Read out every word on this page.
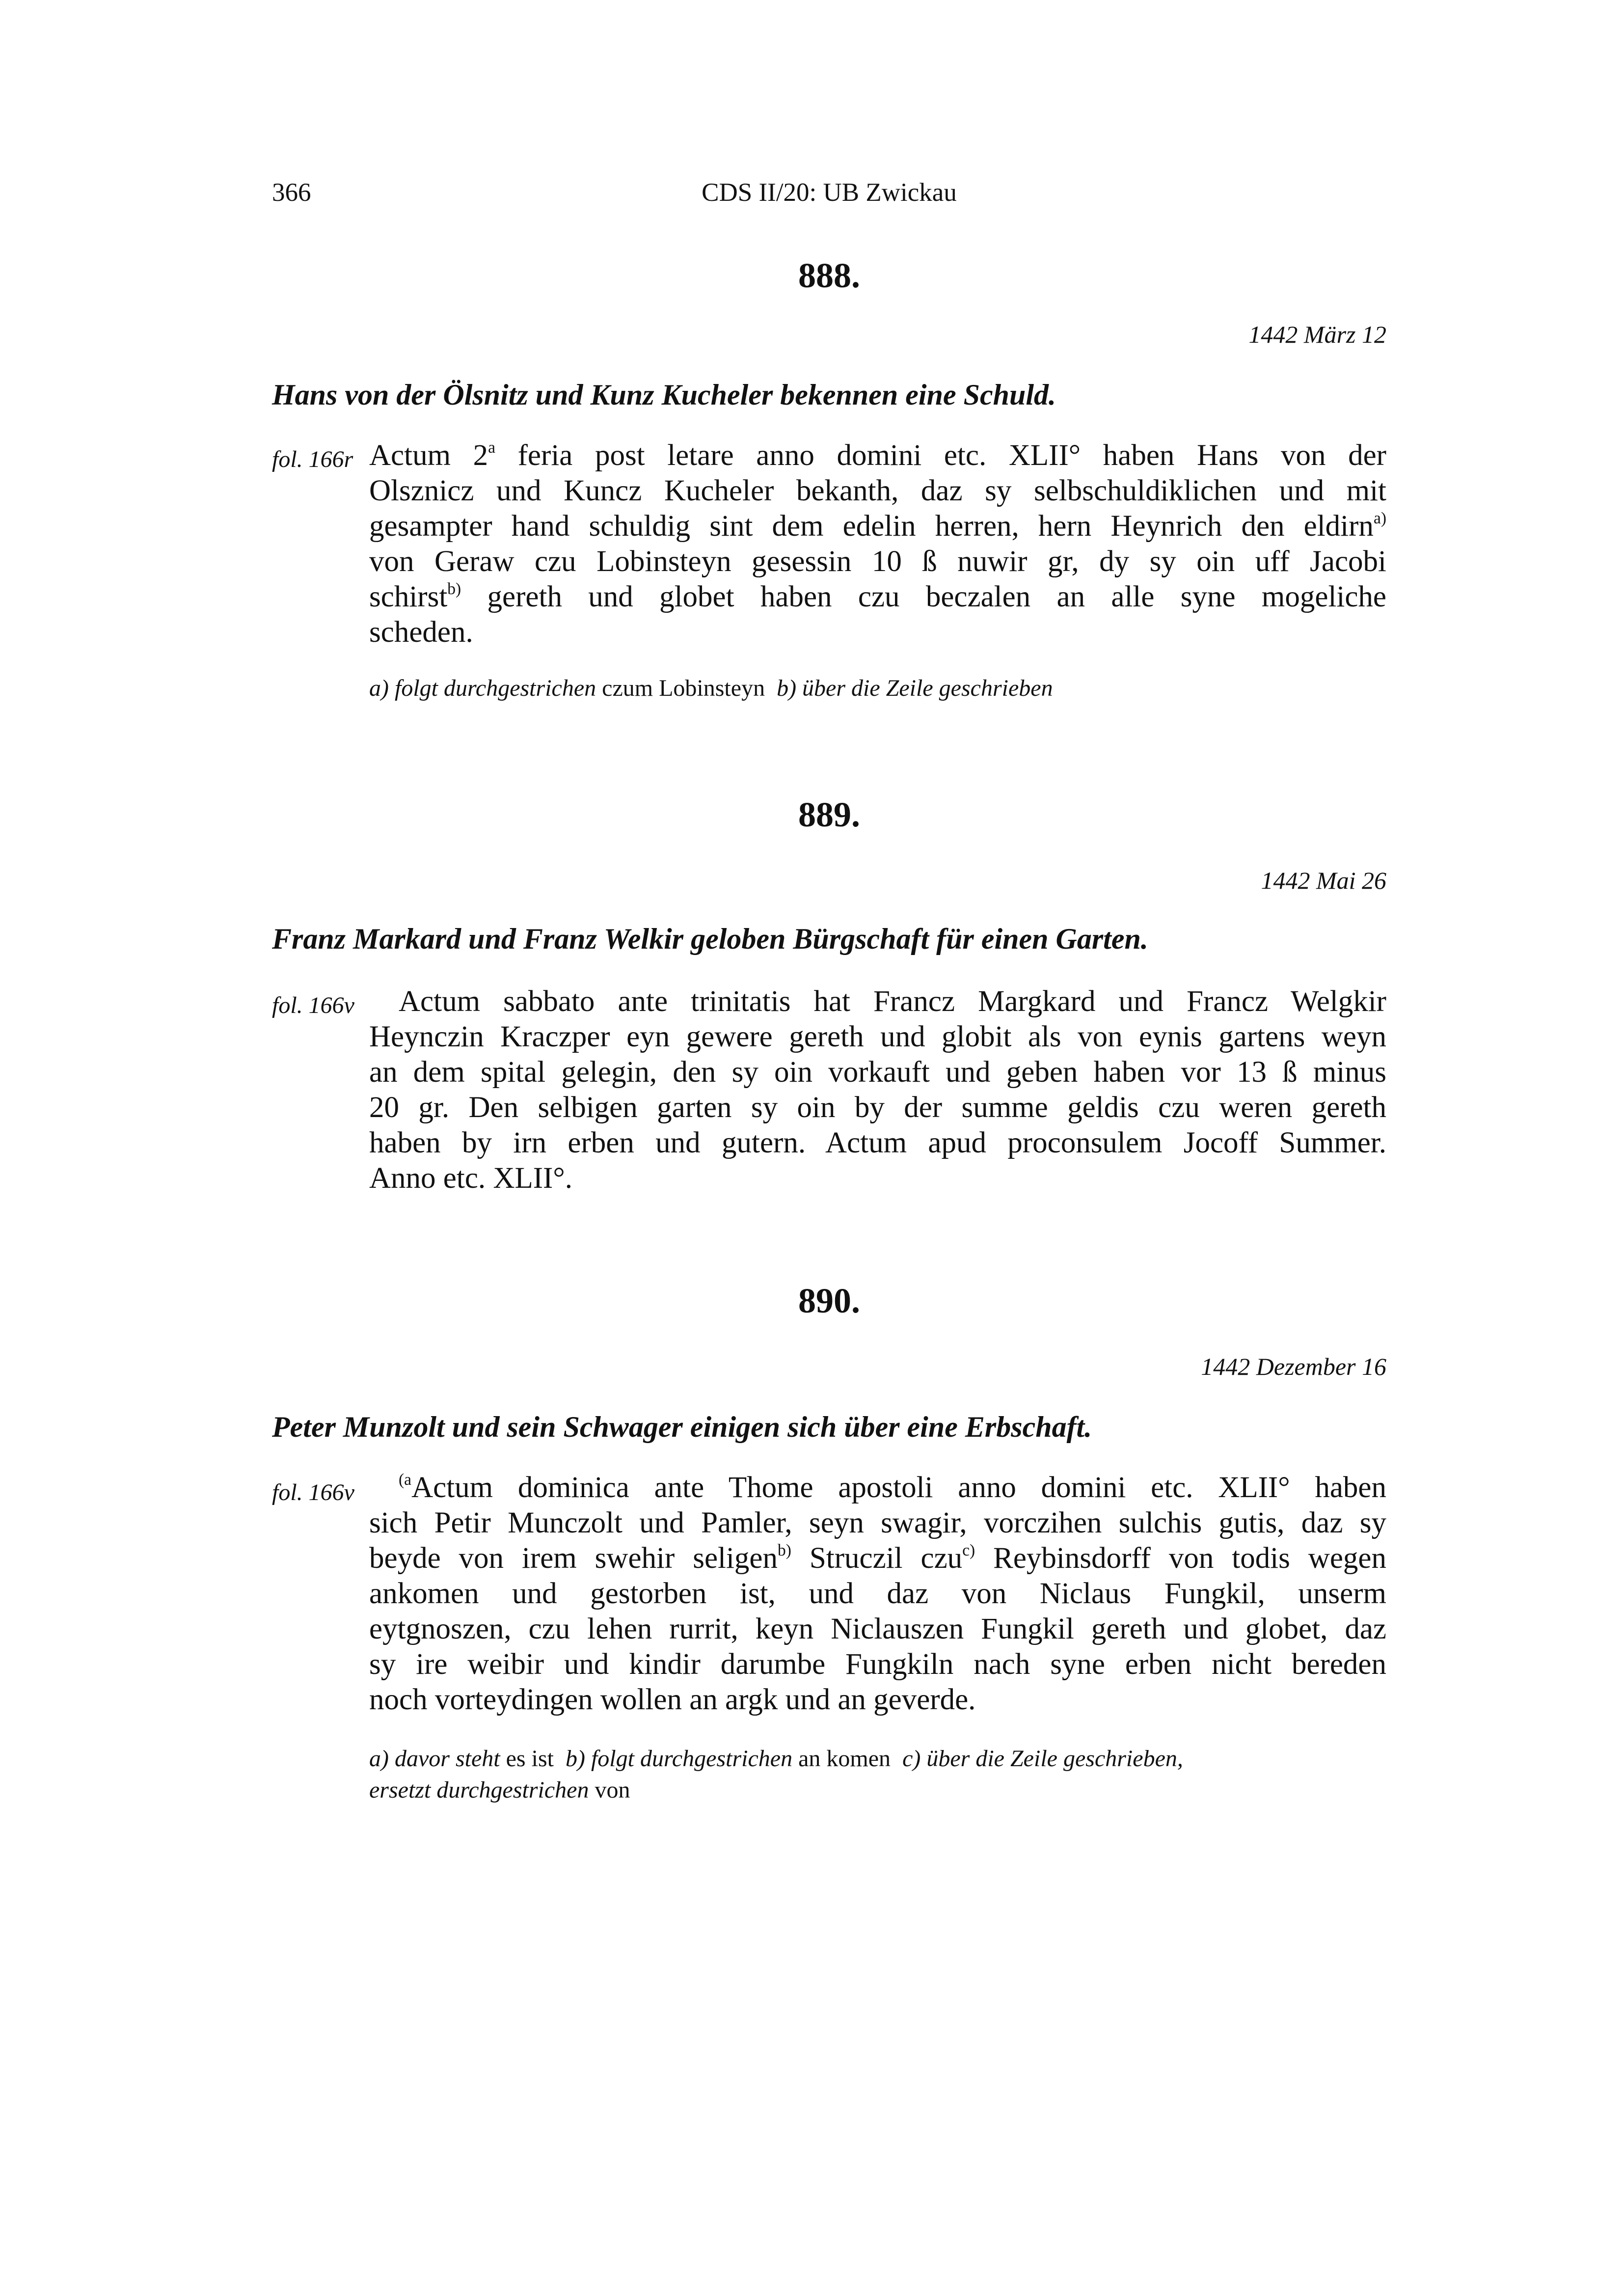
366	CDS II/20: UB Zwickau
888.
1442 März 12
Hans von der Ölsnitz und Kunz Kucheler bekennen eine Schuld.
fol. 166r Actum 2$^a$ feria post letare anno domini etc. XLII° haben Hans von der
Olsznicz und Kuncz Kucheler bekanth, daz sy selbschuldiklichen und mit
gesampter hand schuldig sint dem edelin herren, hern Heynrich den eldirn$^{a)}$
von Geraw czu Lobinsteyn gesessin 10 ß nuwir gr, dy sy oin uff Jacobi
schirst$^{b)}$ gereth und globet haben czu beczalen an alle syne mogeliche
scheden.
a) folgt durchgestrichen czum Lobinsteyn b) über die Zeile geschrieben
889.
1442 Mai 26
Franz Markard und Franz Welkir geloben Bürgschaft für einen Garten.
fol. 166v	Actum sabbato ante trinitatis hat Francz Margkard und Francz Welgkir
Heynczin Kraczper eyn gewere gereth und globit als von eynis gartens weyn
an dem spital gelegin, den sy oin vorkauft und geben haben vor 13 ß minus
20 gr. Den selbigen garten sy oin by der summe geldis czu weren gereth
haben by irn erben und gutern. Actum apud proconsulem Jocoff Summer.
Anno etc. XLII°.
890.
1442 Dezember 16
Peter Munzolt und sein Schwager einigen sich über eine Erbschaft.
fol. 166v	$^{(a}$Actum dominica ante Thome apostoli anno domini etc. XLII° haben
sich Petir Munczolt und Pamler, seyn swagir, vorczihen sulchis gutis, daz sy
beyde von irem swehir seligen$^{b)}$ Struczil czu$^{c)}$ Reybinsdorff von todis wegen
ankomen und gestorben ist, und daz von Niclaus Fungkil, unserm
eytgnoszen, czu lehen rurrit, keyn Niclauszen Fungkil gereth und globet, daz
sy ire weibir und kindir darumbe Fungkiln nach syne erben nicht bereden
noch vorteydingen wollen an argk und an geverde.
a) davor steht es ist  b) folgt durchgestrichen an komen  c) über die Zeile geschrieben,
ersetzt durchgestrichen von
